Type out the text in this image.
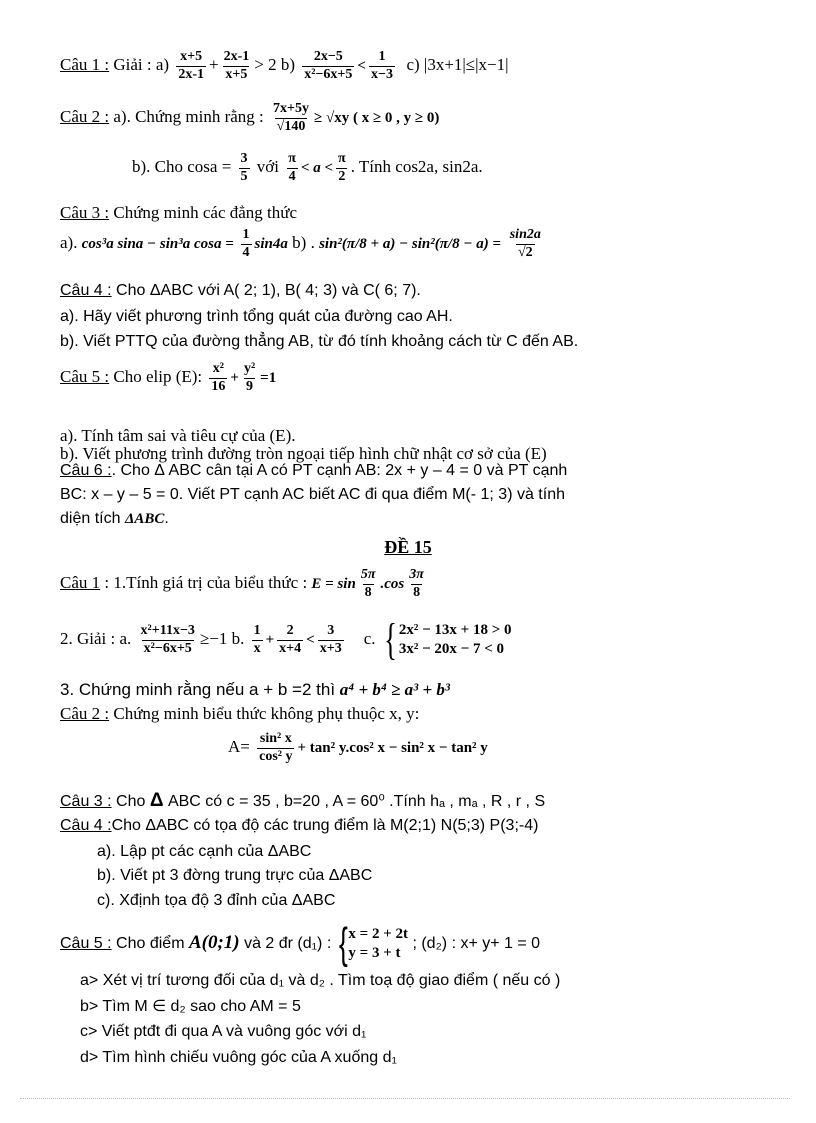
Câu 1 : Giải : $a) \frac{x+5}{2x-1} + \frac{2x-1}{x+5} > 2$ $b) \frac{2x-5}{\text{x²−6x+5}} < \frac{1}{x-3} c$) |3x+1|≤|x−1|
Câu 2 : a). Chứng minh rằng : $\frac{7x+5y}{√140} \ge √xy$ ( x ≥ 0 , y ≥ 0)
b). Cho $\cos a = \frac{3}{5}$ với $\frac{\pi}{4} < a < \frac{\pi}{2}$ . Tính cos2a, sin2a.
Câu 3 : Chứng minh các đẳng thức
a). cos³a sina − sin³a $\cos a = \frac{1}{4} \sin 4a$ b) . $\sin^2(\pi/8 + a) - \sin^2(\pi/8 - a) = \frac{\sin 2a}{√2}$
Câu 4 : Cho ΔABC với A( 2; 1), B( 4; 3) và C( 6; 7).
a). Hãy viết phương trình tổng quát của đường cao AH.
b). Viết PTTQ của đường thẳng AB, từ đó tính khoảng cách từ C đến AB.
Câu 5 : Cho elip (E): $\frac{\text{x²}}{16} + \frac{\text{y²}}{9} =1$
a). Tính tâm sai và tiêu cự của (E).
b). Viết phương trình đường tròn ngoại tiếp hình chữ nhật cơ sở của (E)
Câu 6 :. Cho Δ ABC cân tại A có PT cạnh AB: 2x + y – 4 = 0 và PT cạnh
BC: x – y – 5 = 0. Viết PT cạnh AC biết AC đi qua điểm M(- 1; 3) và tính
diện tích ΔABC.
ĐỀ 15
Câu 1 : 1.Tính giá trị của biểu thức : $E = \sin \frac{5\pi}{8} .\cos \frac{3\pi}{8}$
2. Giải : a. $\frac{\text{x²+11x−3}}{\text{x²−6x+5}} \ge-1$ b. $\frac{1}{x} + \frac{2}{x+4} < \frac{3}{x+3} c$. { 2x² − 13x + 18 > 0
3x² − 20x − 7 < 0
3. Chứng minh rằng nếu a + b =2 thì a⁴ + b⁴ ≥ a³ + b³
Câu 2 : Chứng minh biểu thức không phụ thuộc x, y:
$A= \frac{\text{sin² x}}{\text{cos² y}} + \tan^2$ y.cos² x − sin² x − tan² y
Câu 3 : Cho Δ ABC có c = 35 , b=20 , A = 60⁰ .Tính hₐ , mₐ , R , r , S
Câu 4 :Cho ΔABC có tọa độ các trung điểm là M(2;1) N(5;3) P(3;-4)
a). Lập pt các cạnh của ΔABC
b). Viết pt 3 đờng trung trực của ΔABC
c). Xđịnh tọa độ 3 đỉnh của ΔABC
Câu 5 : Cho điểm A(0;1) và 2 đr (d₁) : { x = 2 + 2t
y = 3 + t
; (d₂) : x+ y+ 1 = 0
a> Xét vị trí tương đối của d₁ và d₂ . Tìm toạ độ giao điểm ( nếu có )
b> Tìm M ∈ d₂ sao cho AM = 5
c> Viết ptđt đi qua A và vuông góc với d₁
d> Tìm hình chiếu vuông góc của A xuống d₁
